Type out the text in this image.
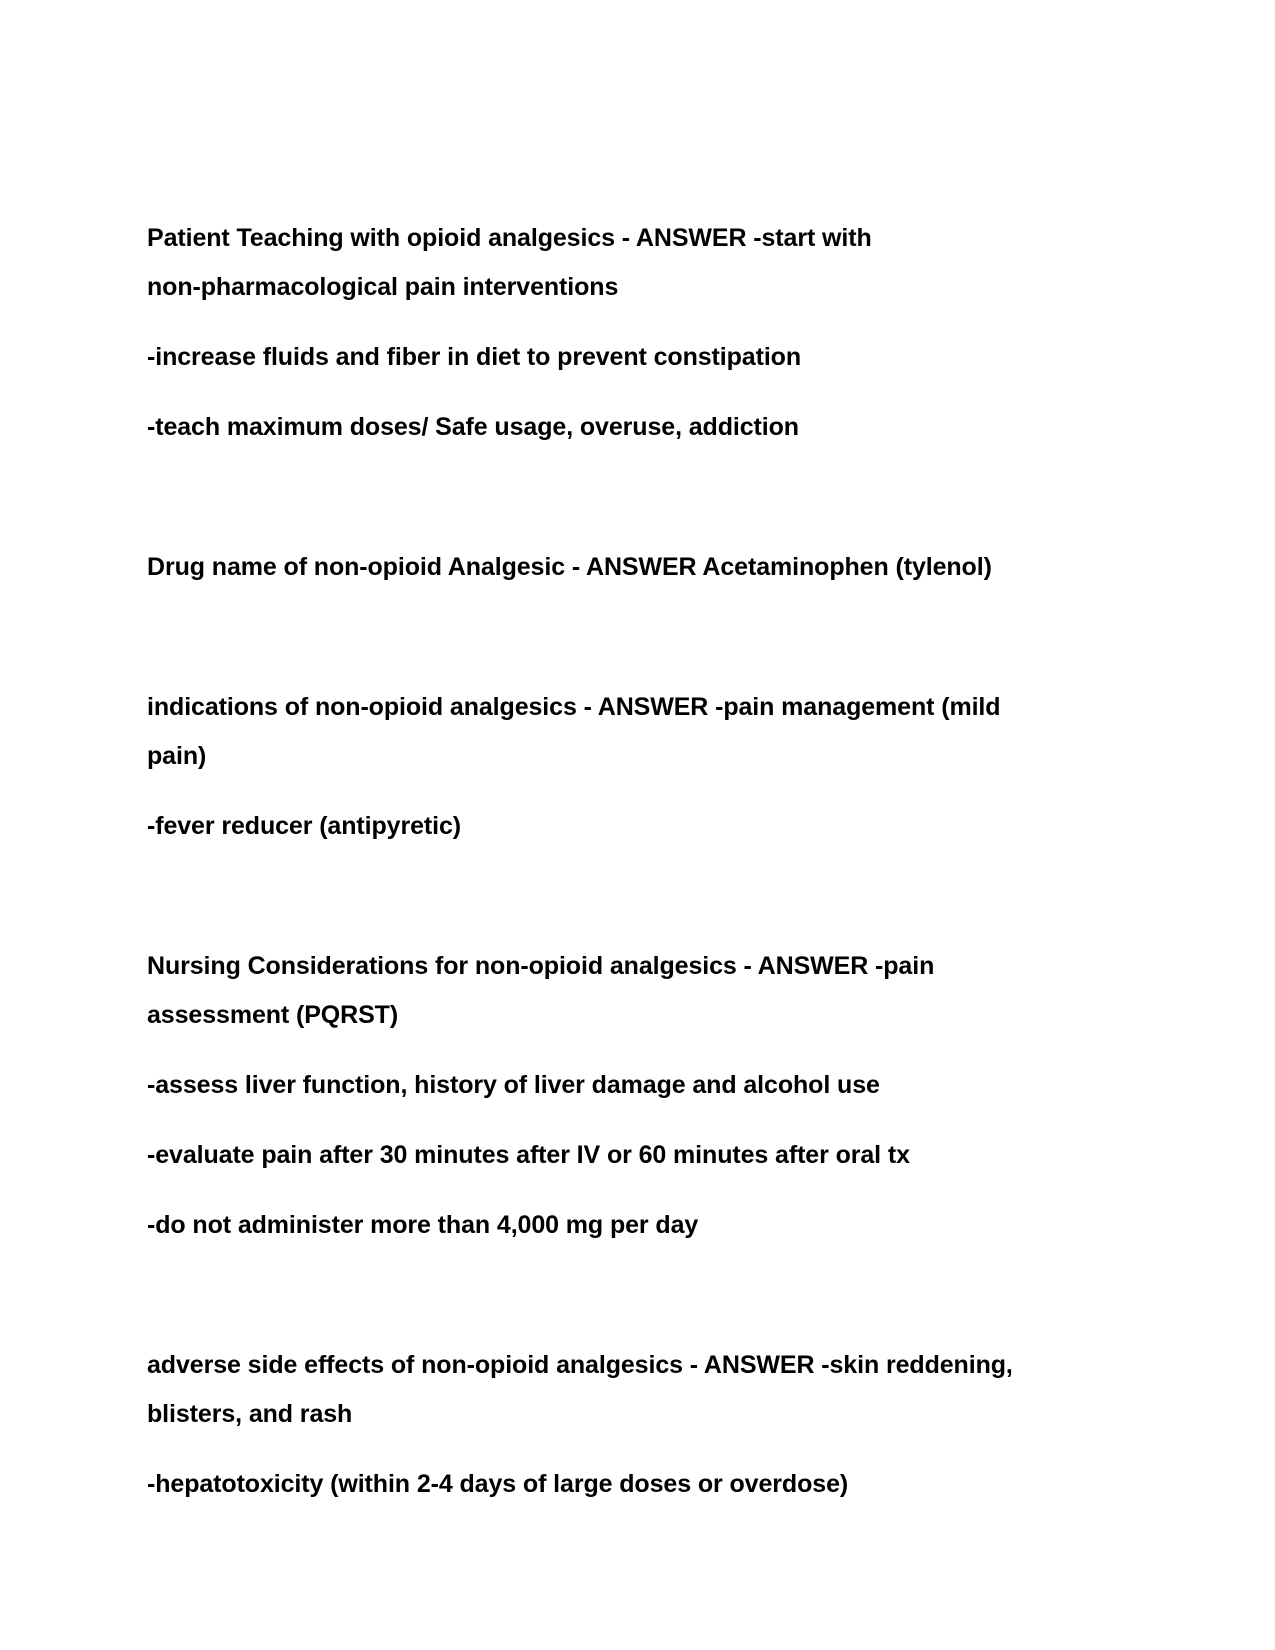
Patient Teaching with opioid analgesics - ANSWER -start with
non-pharmacological pain interventions
-increase fluids and fiber in diet to prevent constipation
-teach maximum doses/ Safe usage, overuse, addiction
Drug name of non-opioid Analgesic - ANSWER Acetaminophen (tylenol)
indications of non-opioid analgesics - ANSWER -pain management (mild
pain)
-fever reducer (antipyretic)
Nursing Considerations for non-opioid analgesics - ANSWER -pain
assessment (PQRST)
-assess liver function, history of liver damage and alcohol use
-evaluate pain after 30 minutes after IV or 60 minutes after oral tx
-do not administer more than 4,000 mg per day
adverse side effects of non-opioid analgesics - ANSWER -skin reddening,
blisters, and rash
-hepatotoxicity (within 2-4 days of large doses or overdose)
